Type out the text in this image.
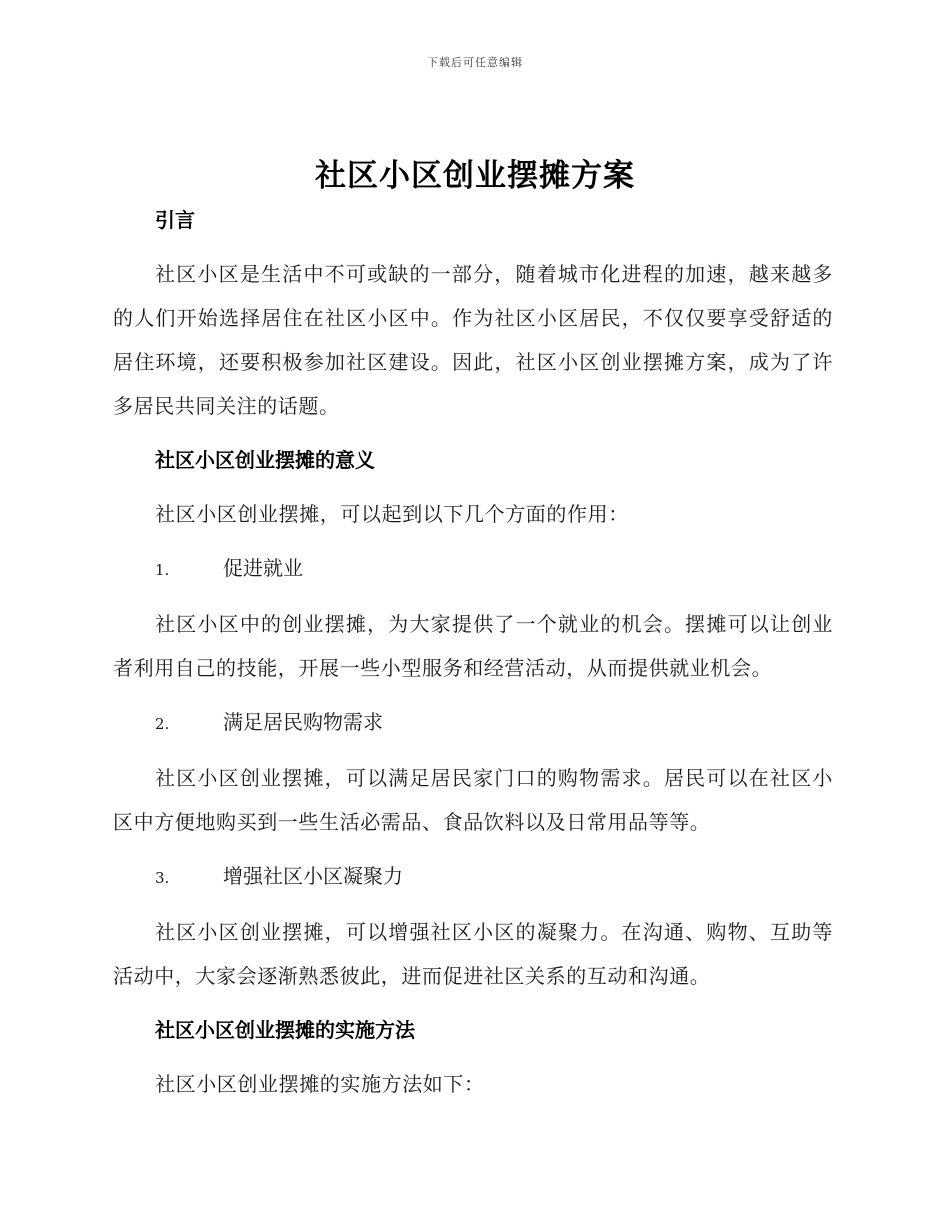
下载后可任意编辑
社区小区创业摆摊方案
引言

社区小区是生活中不可或缺的一部分，随着城市化进程的加速，越来越多的人们开始选择居住在社区小区中。作为社区小区居民，不仅仅要享受舒适的居住环境，还要积极参加社区建设。因此，社区小区创业摆摊方案，成为了许多居民共同关注的话题。

社区小区创业摆摊的意义

社区小区创业摆摊，可以起到以下几个方面的作用：

1.	促进就业

社区小区中的创业摆摊，为大家提供了一个就业的机会。摆摊可以让创业者利用自己的技能，开展一些小型服务和经营活动，从而提供就业机会。

2.	满足居民购物需求

社区小区创业摆摊，可以满足居民家门口的购物需求。居民可以在社区小区中方便地购买到一些生活必需品、食品饮料以及日常用品等等。

3.	增强社区小区凝聚力

社区小区创业摆摊，可以增强社区小区的凝聚力。在沟通、购物、互助等活动中，大家会逐渐熟悉彼此，进而促进社区关系的互动和沟通。

社区小区创业摆摊的实施方法

社区小区创业摆摊的实施方法如下：
